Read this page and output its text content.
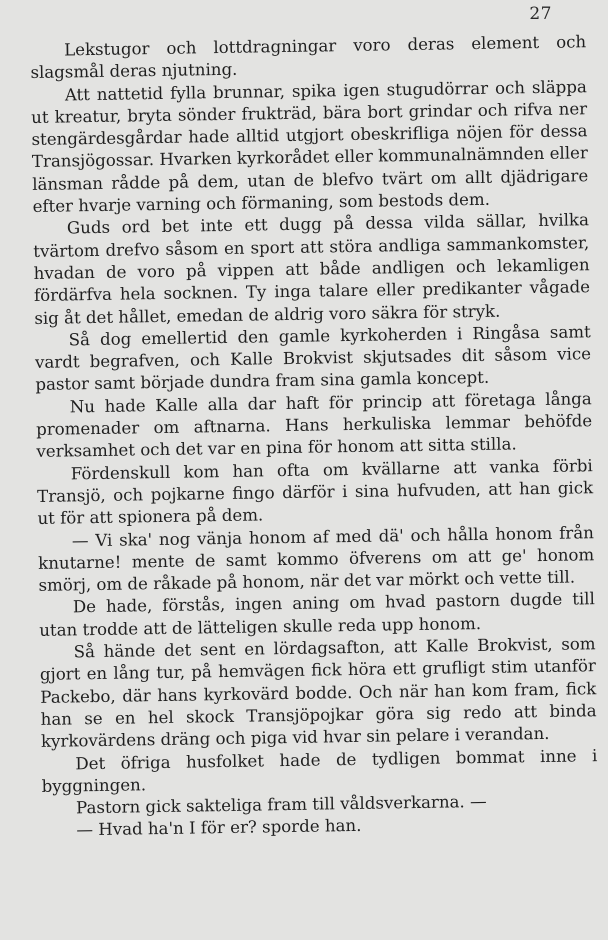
27

Lekstugor och lottdragningar voro deras element och slagsmål deras njutning.

Att nattetid fylla brunnar, spika igen stugudörrar och släppa ut kreatur, bryta sönder frukträd, bära bort grindar och rifva ner stengärdesgårdar hade alltid utgjort obeskrifliga nöjen för dessa Transjögossar. Hvarken kyrkorådet eller kommunalnämnden eller länsman rådde på dem, utan de blefvo tvärt om allt djädrigare efter hvarje varning och förmaning, som bestods dem.

Guds ord bet inte ett dugg på dessa vilda sällar, hvilka tvärtom drefvo såsom en sport att störa andliga sammankomster, hvadan de voro på vippen att både andligen och lekamligen fördärfva hela socknen. Ty inga talare eller predikanter vågade sig åt det hållet, emedan de aldrig voro säkra för stryk.

Så dog emellertid den gamle kyrkoherden i Ringåsa samt vardt begrafven, och Kalle Brokvist skjutsades dit såsom vice pastor samt började dundra fram sina gamla koncept.

Nu hade Kalle alla dar haft för princip att företaga långa promenader om aftnarna. Hans herkuliska lemmar behöfde verksamhet och det var en pina för honom att sitta stilla.

Fördenskull kom han ofta om kvällarne att vanka förbi Transjö, och pojkarne fingo därför i sina hufvuden, att han gick ut för att spionera på dem.

— Vi ska' nog vänja honom af med dä' och hålla honom från knutarne! mente de samt kommo öfverens om att ge' honom smörj, om de råkade på honom, när det var mörkt och vette till.

De hade, förstås, ingen aning om hvad pastorn dugde till utan trodde att de lätteligen skulle reda upp honom.

Så hände det sent en lördagsafton, att Kalle Brokvist, som gjort en lång tur, på hemvägen fick höra ett grufligt stim utanför Packebo, där hans kyrkovärd bodde. Och när han kom fram, fick han se en hel skock Transjöpojkar göra sig redo att binda kyrkovärdens dräng och piga vid hvar sin pelare i verandan.

Det öfriga husfolket hade de tydligen bommat inne i byggningen.

Pastorn gick sakteliga fram till våldsverkarna. —

— Hvad ha'n I för er? sporde han.
